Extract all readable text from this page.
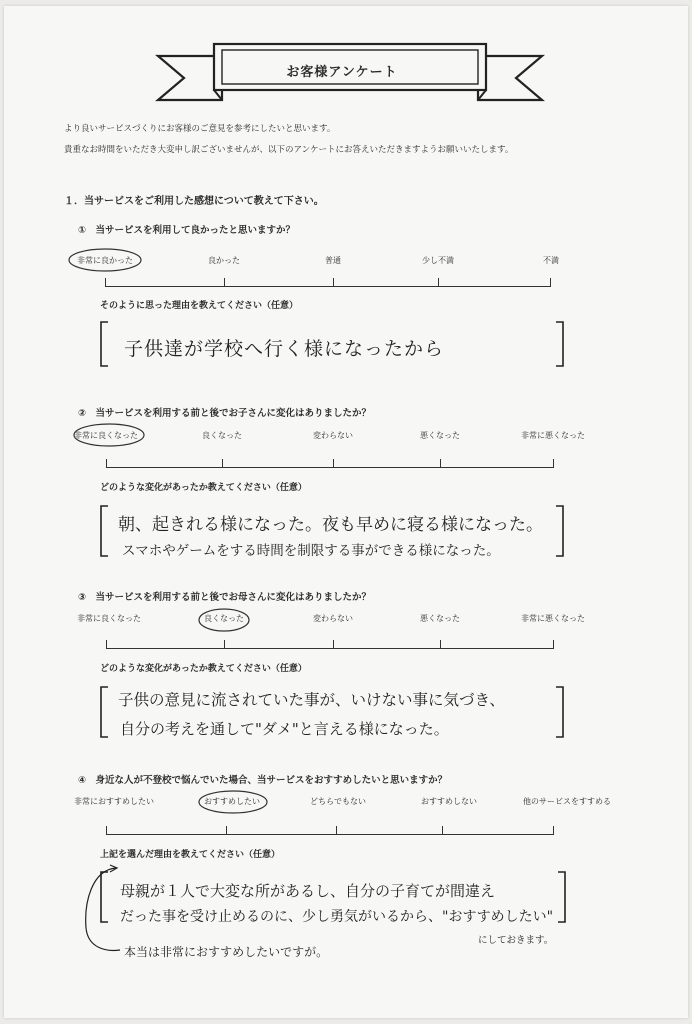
お客様アンケート
より良いサービスづくりにお客様のご意見を参考にしたいと思います。
貴重なお時間をいただき大変申し訳ございませんが、以下のアンケートにお答えいただきますようお願いいたします。
１．当サービスをご利用した感想について教えて下さい。
①　当サービスを利用して良かったと思いますか？
非常に良かった	良かった	普通	少し不満	不満
そのように思った理由を教えてください（任意）
子供達が学校へ行く様になったから
②　当サービスを利用する前と後でお子さんに変化はありましたか？
非常に良くなった	良くなった	変わらない	悪くなった	非常に悪くなった
どのような変化があったか教えてください（任意）
朝、起きれる様になった。夜も早めに寝る様になった。
スマホやゲームをする時間を制限する事ができる様になった。
③　当サービスを利用する前と後でお母さんに変化はありましたか？
非常に良くなった	良くなった	変わらない	悪くなった	非常に悪くなった
どのような変化があったか教えてください（任意）
子供の意見に流されていた事が、いけない事に気づき、
自分の考えを通して"ダメ"と言える様になった。
④　身近な人が不登校で悩んでいた場合、当サービスをおすすめしたいと思いますか？
非常におすすめしたい	おすすめしたい	どちらでもない	おすすめしない	他のサービスをすすめる
上記を選んだ理由を教えてください（任意）
母親が１人で大変な所があるし、自分の子育てが間違え
だった事を受け止めるのに、少し勇気がいるから、"おすすめしたい"
にしておきます。
本当は非常におすすめしたいですが。
